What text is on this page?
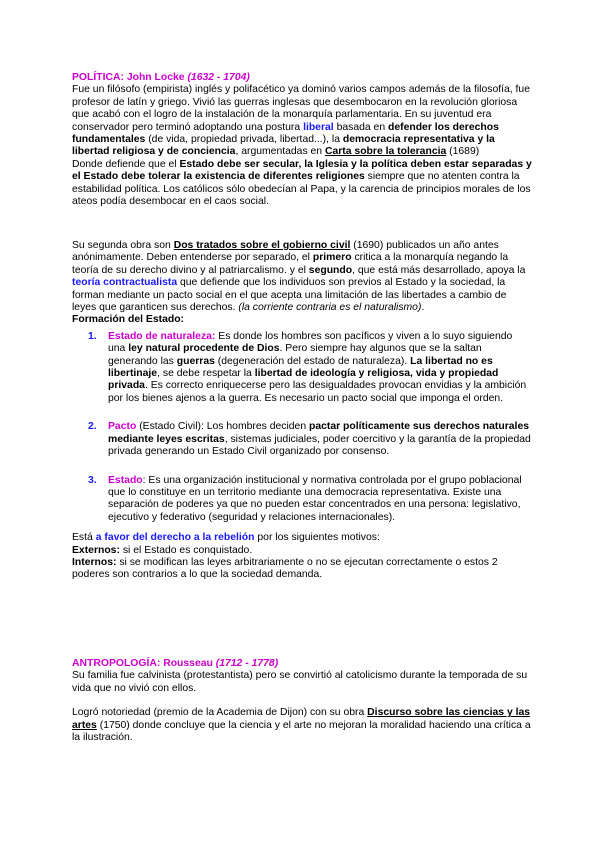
POLÍTICA: John Locke (1632 - 1704)

Fue un filósofo (empirista) inglés y polifacético ya dominó varios campos además de la filosofía, fue profesor de latín y griego. Vivió las guerras inglesas que desembocaron en la revolución gloriosa que acabó con el logro de la instalación de la monarquía parlamentaria. En su juventud era conservador pero terminó adoptando una postura liberal basada en defender los derechos fundamentales (de vida, propiedad privada, libertad...), la democracia representativa y la libertad religiosa y de conciencia, argumentadas en Carta sobre la tolerancia (1689)

Donde defiende que el Estado debe ser secular, la Iglesia y la política deben estar separadas y el Estado debe tolerar la existencia de diferentes religiones siempre que no atenten contra la estabilidad política. Los católicos sólo obedecían al Papa, y la carencia de principios morales de los ateos podía desembocar en el caos social.

Su segunda obra son Dos tratados sobre el gobierno civil (1690) publicados un año antes anónimamente. Deben entenderse por separado, el primero critica a la monarquía negando la teoría de su derecho divino y al patriarcalismo. y el segundo, que está más desarrollado, apoya la teoría contractualista que defiende que los individuos son previos al Estado y la sociedad, la forman mediante un pacto social en el que acepta una limitación de las libertades a cambio de leyes que garanticen sus derechos. (la corriente contraria es el naturalismo).

Formación del Estado:

1.	Estado de naturaleza: Es donde los hombres son pacíficos y viven a lo suyo siguiendo una ley natural procedente de Dios. Pero siempre hay algunos que se la saltan generando las guerras (degeneración del estado de naturaleza). La libertad no es libertinaje, se debe respetar la libertad de ideología y religiosa, vida y propiedad privada. Es correcto enriquecerse pero las desigualdades provocan envidias y la ambición por los bienes ajenos a la guerra. Es necesario un pacto social que imponga el orden.

2.	Pacto (Estado Civil): Los hombres deciden pactar políticamente sus derechos naturales mediante leyes escritas, sistemas judiciales, poder coercitivo y la garantía de la propiedad privada generando un Estado Civil organizado por consenso.

3.	Estado: Es una organización institucional y normativa controlada por el grupo poblacional que lo constituye en un territorio mediante una democracia representativa. Existe una separación de poderes ya que no pueden estar concentrados en una persona: legislativo, ejecutivo y federativo (seguridad y relaciones internacionales).

Está a favor del derecho a la rebelión por los siguientes motivos:

Externos: si el Estado es conquistado.

Internos: si se modifican las leyes arbitrariamente o no se ejecutan correctamente o estos 2 poderes son contrarios a lo que la sociedad demanda.

ANTROPOLOGÍA: Rousseau (1712 - 1778)

Su familia fue calvinista (protestantista) pero se convirtió al catolicismo durante la temporada de su vida que no vivió con ellos.

Logró notoriedad (premio de la Academia de Dijon) con su obra Discurso sobre las ciencias y las artes (1750) donde concluye que la ciencia y el arte no mejoran la moralidad haciendo una crítica a la ilustración.
